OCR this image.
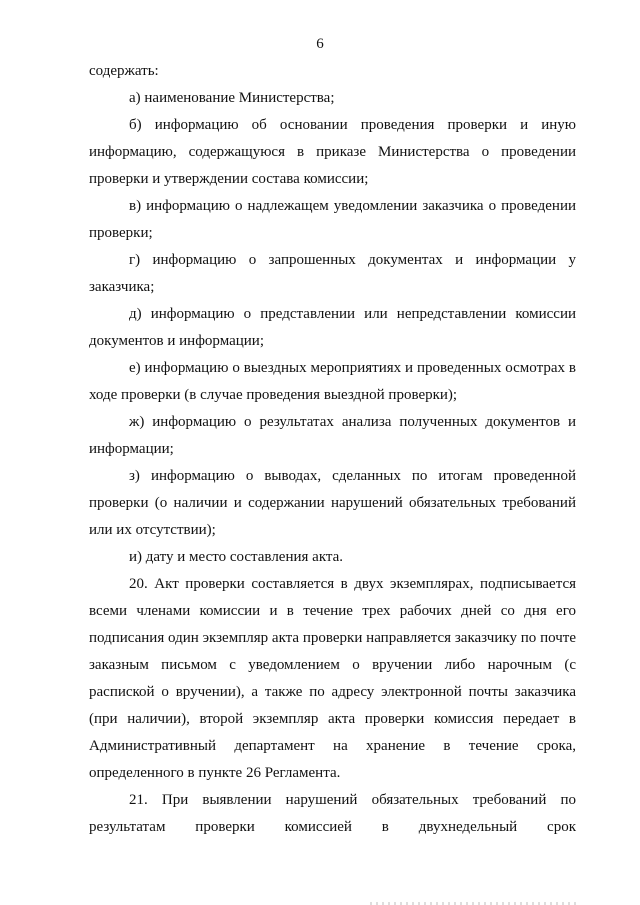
6

содержать:

а) наименование Министерства;

б) информацию об основании проведения проверки и иную информацию, содержащуюся в приказе Министерства о проведении проверки и утверждении состава комиссии;

в) информацию о надлежащем уведомлении заказчика о проведении проверки;

г) информацию о запрошенных документах и информации у заказчика;

д) информацию о представлении или непредставлении комиссии документов и информации;

е) информацию о выездных мероприятиях и проведенных осмотрах в ходе проверки (в случае проведения выездной проверки);

ж) информацию о результатах анализа полученных документов и информации;

з) информацию о выводах, сделанных по итогам проведенной проверки (о наличии и содержании нарушений обязательных требований или их отсутствии);

и) дату и место составления акта.

20. Акт проверки составляется в двух экземплярах, подписывается всеми членами комиссии и в течение трех рабочих дней со дня его подписания один экземпляр акта проверки направляется заказчику по почте заказным письмом с уведомлением о вручении либо нарочным (с распиской о вручении), а также по адресу электронной почты заказчика (при наличии), второй экземпляр акта проверки комиссия передает в Административный департамент на хранение в течение срока, определенного в пункте 26 Регламента.

21. При выявлении нарушений обязательных требований по результатам проверки комиссией в двухнедельный срок
